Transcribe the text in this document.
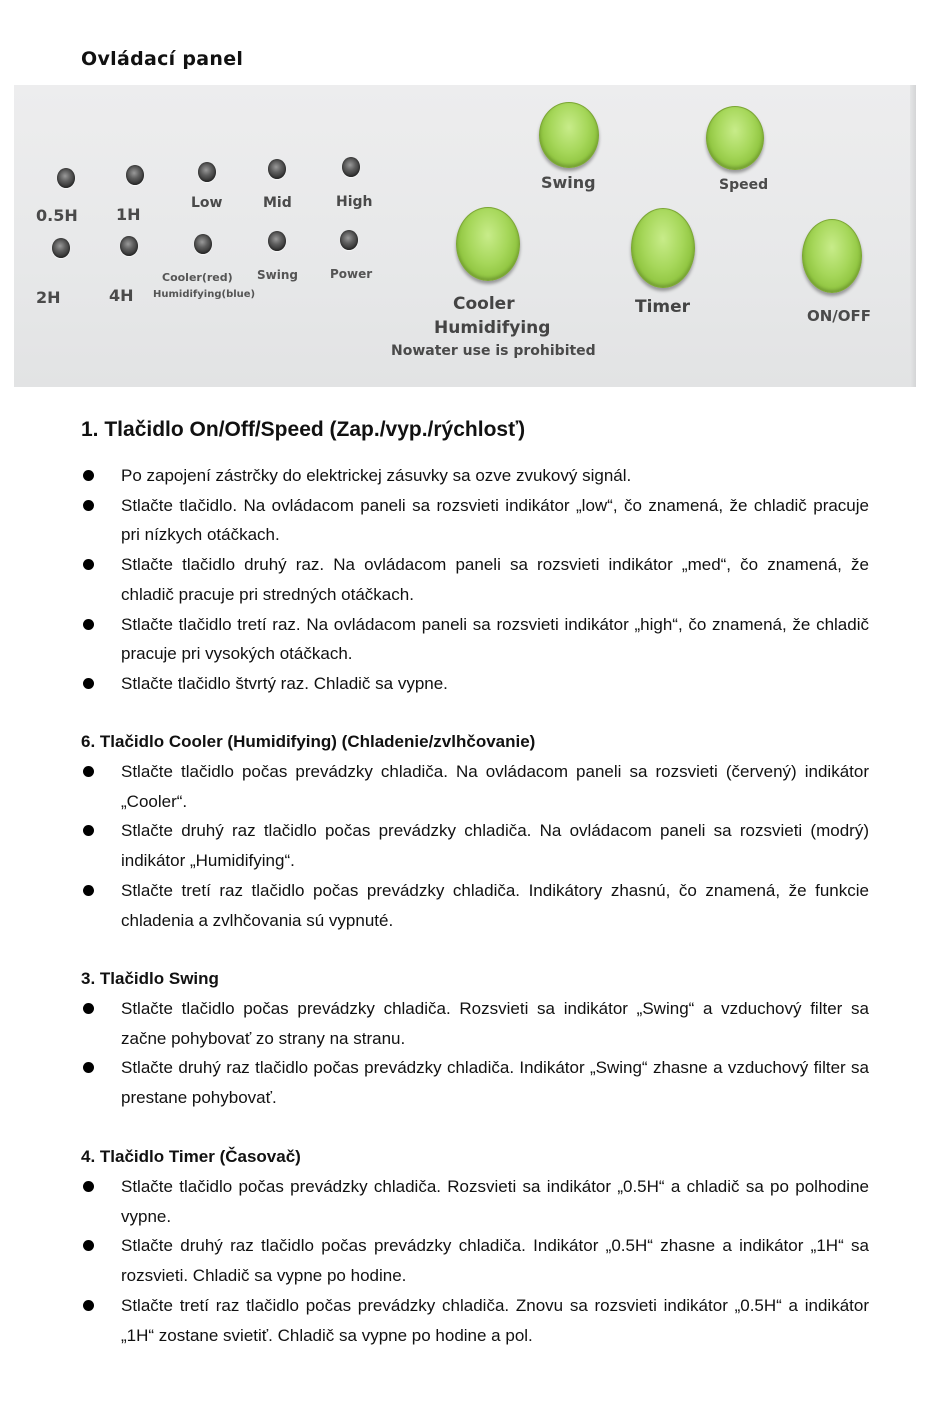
Ovládací panel
0.5H 1H
Low	Mid	High
2H	4H
Cooler(red)
Humidifying(blue)
Swing	Power
Swing	Speed
Cooler
Humidifying
Nowater use is prohibited
Timer	ON/OFF
1. Tlačidlo On/Off/Speed (Zap./vyp./rýchlosť)
Po zapojení zástrčky do elektrickej zásuvky sa ozve zvukový signál.
Stlačte tlačidlo. Na ovládacom paneli sa rozsvieti indikátor „low“, čo znamená, že chladič pracuje pri nízkych otáčkach.
Stlačte tlačidlo druhý raz. Na ovládacom paneli sa rozsvieti indikátor „med“, čo znamená, že chladič pracuje pri stredných otáčkach.
Stlačte tlačidlo tretí raz. Na ovládacom paneli sa rozsvieti indikátor „high“, čo znamená, že chladič pracuje pri vysokých otáčkach.
Stlačte tlačidlo štvrtý raz. Chladič sa vypne.
6. Tlačidlo Cooler (Humidifying) (Chladenie/zvlhčovanie)
Stlačte tlačidlo počas prevádzky chladiča. Na ovládacom paneli sa rozsvieti (červený) indikátor „Cooler“.
Stlačte druhý raz tlačidlo počas prevádzky chladiča. Na ovládacom paneli sa rozsvieti (modrý) indikátor „Humidifying“.
Stlačte tretí raz tlačidlo počas prevádzky chladiča. Indikátory zhasnú, čo znamená, že funkcie chladenia a zvlhčovania sú vypnuté.
3. Tlačidlo Swing
Stlačte tlačidlo počas prevádzky chladiča. Rozsvieti sa indikátor „Swing“ a vzduchový filter sa začne pohybovať zo strany na stranu.
Stlačte druhý raz tlačidlo počas prevádzky chladiča. Indikátor „Swing“ zhasne a vzduchový filter sa prestane pohybovať.
4. Tlačidlo Timer (Časovač)
Stlačte tlačidlo počas prevádzky chladiča. Rozsvieti sa indikátor „0.5H“ a chladič sa po polhodine vypne.
Stlačte druhý raz tlačidlo počas prevádzky chladiča. Indikátor „0.5H“ zhasne a indikátor „1H“ sa rozsvieti. Chladič sa vypne po hodine.
Stlačte tretí raz tlačidlo počas prevádzky chladiča. Znovu sa rozsvieti indikátor „0.5H“ a indikátor „1H“ zostane svietiť. Chladič sa vypne po hodine a pol.
